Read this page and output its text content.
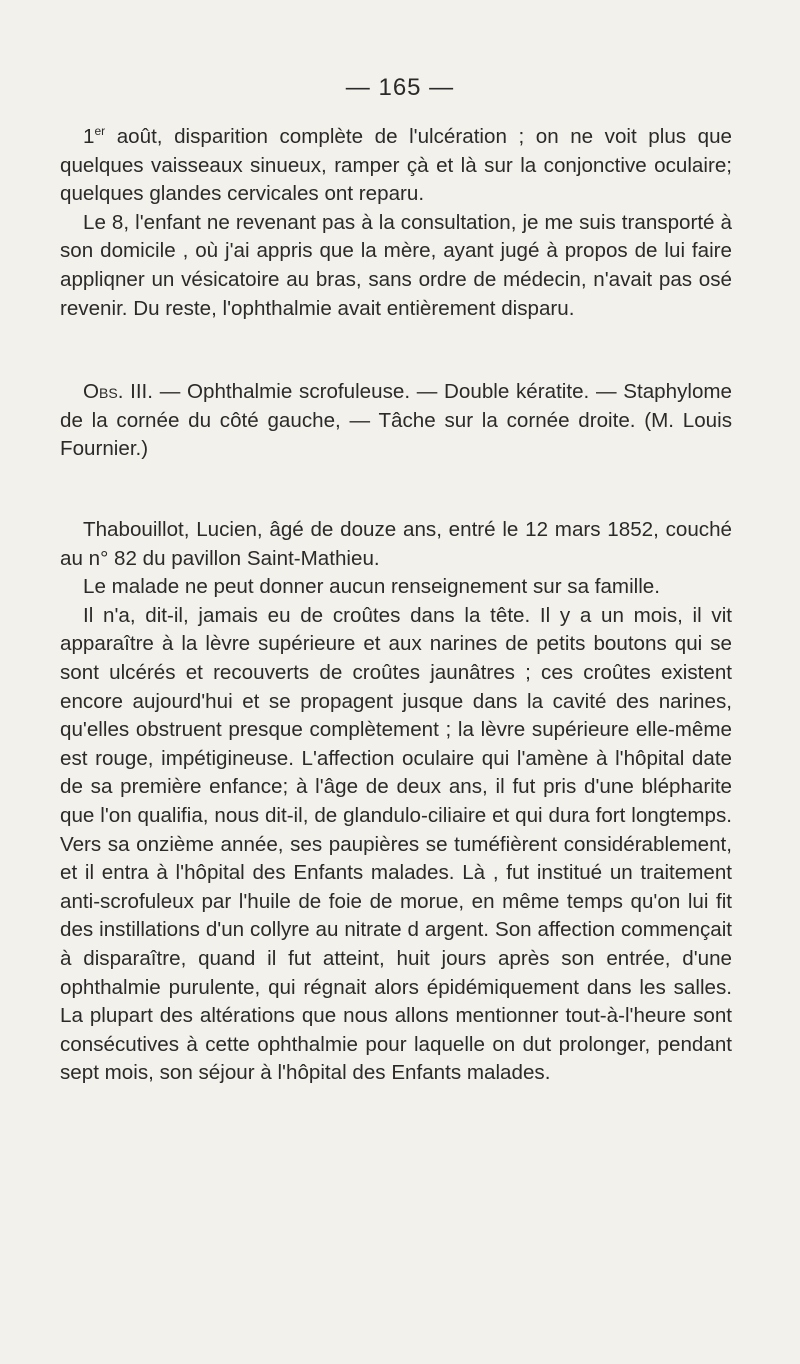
— 165 —

1er août, disparition complète de l'ulcération ; on ne voit plus que quelques vaisseaux sinueux, ramper çà et là sur la conjonctive oculaire; quelques glandes cervicales ont reparu.

Le 8, l'enfant ne revenant pas à la consultation, je me suis transporté à son domicile , où j'ai appris que la mère, ayant jugé à propos de lui faire appliqner un vésicatoire au bras, sans ordre de médecin, n'avait pas osé revenir. Du reste, l'ophthalmie avait entièrement disparu.

Obs. III. — Ophthalmie scrofuleuse. — Double kératite. — Staphylome de la cornée du côté gauche, — Tâche sur la cornée droite. (M. Louis Fournier.)

Thabouillot, Lucien, âgé de douze ans, entré le 12 mars 1852, couché au n° 82 du pavillon Saint-Mathieu.

Le malade ne peut donner aucun renseignement sur sa famille.

Il n'a, dit-il, jamais eu de croûtes dans la tête. Il y a un mois, il vit apparaître à la lèvre supérieure et aux narines de petits boutons qui se sont ulcérés et recouverts de croûtes jaunâtres ; ces croûtes existent encore aujourd'hui et se propagent jusque dans la cavité des narines, qu'elles obstruent presque complètement ; la lèvre supérieure elle-même est rouge, impétigineuse. L'affection oculaire qui l'amène à l'hôpital date de sa première enfance; à l'âge de deux ans, il fut pris d'une blépharite que l'on qualifia, nous dit-il, de glandulo-ciliaire et qui dura fort longtemps. Vers sa onzième année, ses paupières se tuméfièrent considérablement, et il entra à l'hôpital des Enfants malades. Là , fut institué un traitement anti-scrofuleux par l'huile de foie de morue, en même temps qu'on lui fit des instillations d'un collyre au nitrate d argent. Son affection commençait à disparaître, quand il fut atteint, huit jours après son entrée, d'une ophthalmie purulente, qui régnait alors épidémiquement dans les salles. La plupart des altérations que nous allons mentionner tout-à-l'heure sont consécutives à cette ophthalmie pour laquelle on dut prolonger, pendant sept mois, son séjour à l'hôpital des Enfants malades.
